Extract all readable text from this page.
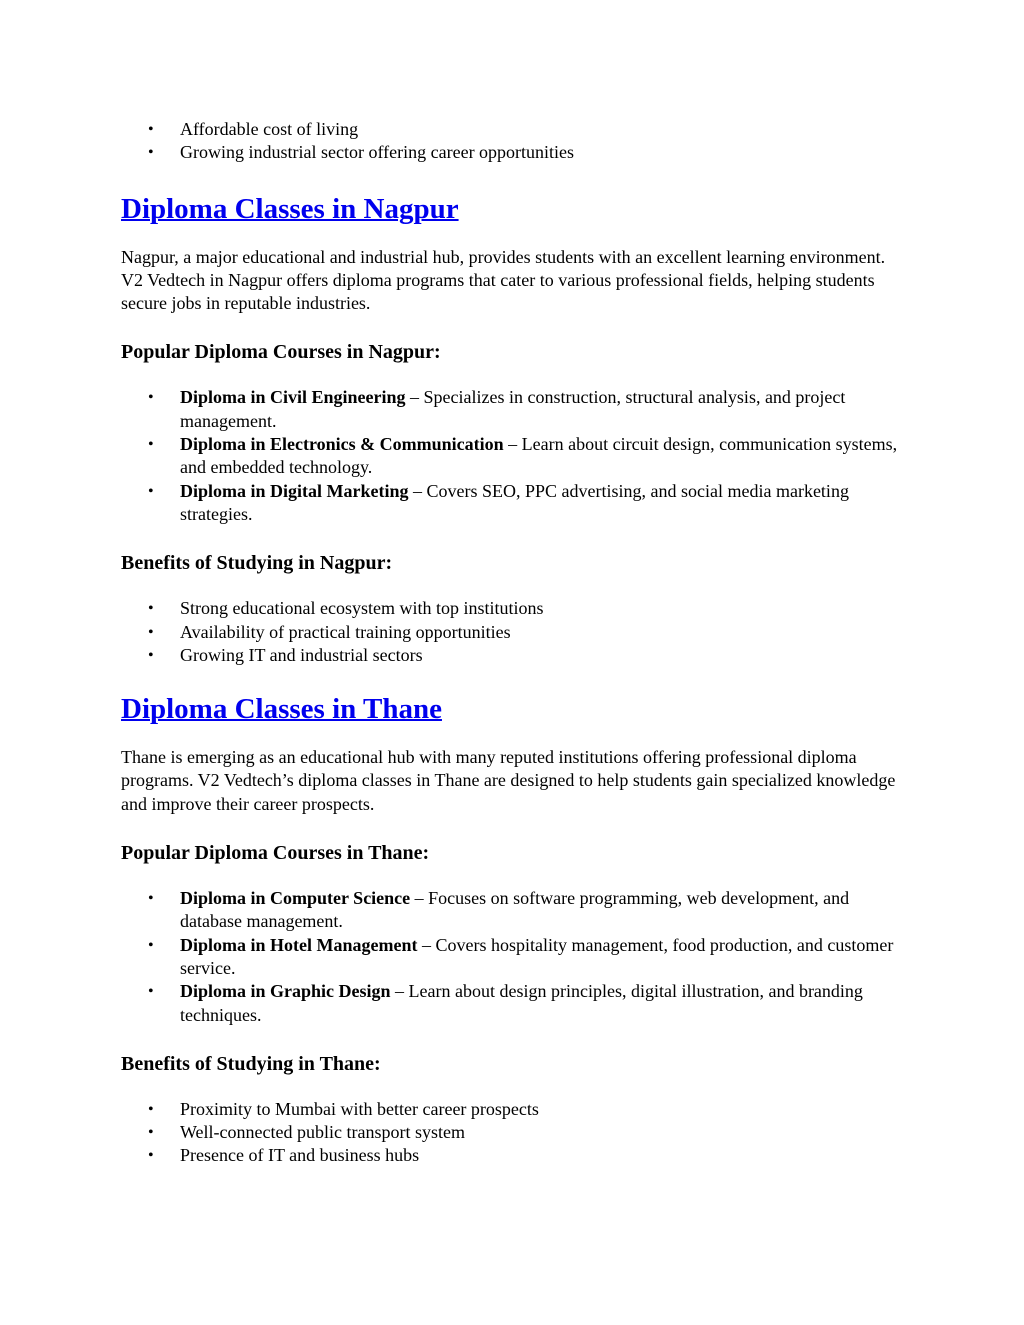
• Affordable cost of living
• Growing industrial sector offering career opportunities
Diploma Classes in Nagpur

Nagpur, a major educational and industrial hub, provides students with an excellent learning environment. V2 Vedtech in Nagpur offers diploma programs that cater to various professional fields, helping students secure jobs in reputable industries.

Popular Diploma Courses in Nagpur:
• Diploma in Civil Engineering – Specializes in construction, structural analysis, and project management.
• Diploma in Electronics & Communication – Learn about circuit design, communication systems, and embedded technology.
• Diploma in Digital Marketing – Covers SEO, PPC advertising, and social media marketing strategies.
Benefits of Studying in Nagpur:
• Strong educational ecosystem with top institutions
• Availability of practical training opportunities
• Growing IT and industrial sectors
Diploma Classes in Thane

Thane is emerging as an educational hub with many reputed institutions offering professional diploma programs. V2 Vedtech’s diploma classes in Thane are designed to help students gain specialized knowledge and improve their career prospects.

Popular Diploma Courses in Thane:
• Diploma in Computer Science – Focuses on software programming, web development, and database management.
• Diploma in Hotel Management – Covers hospitality management, food production, and customer service.
• Diploma in Graphic Design – Learn about design principles, digital illustration, and branding techniques.
Benefits of Studying in Thane:
• Proximity to Mumbai with better career prospects
• Well-connected public transport system
• Presence of IT and business hubs
